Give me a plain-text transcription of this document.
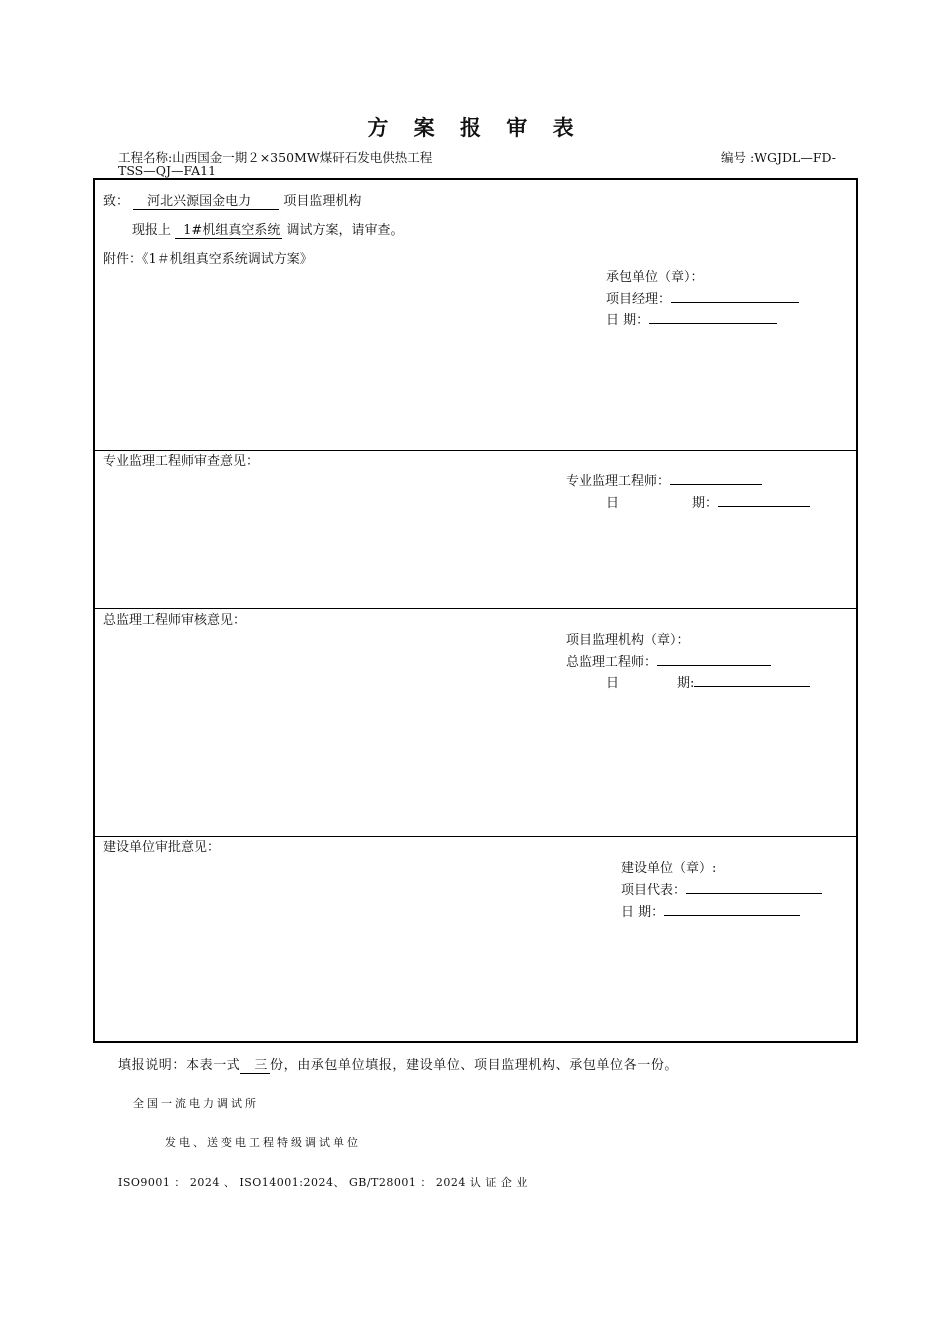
方 案 报 审 表
工程名称:山西国金一期２×350MW煤矸石发电供热工程	编号 :WGJDL—FD-
TSS—QJ—FA11
致： 河北兴源国金电力 项目监理机构
现报上 1#机组真空系统 调试方案，请审查。
附件：《1＃机组真空系统调试方案》
承包单位（章）：
项目经理：
日 期：
专业监理工程师审查意见：
专业监理工程师：
日	期：
总监理工程师审核意见：
项目监理机构（章）：
总监理工程师：
日	期:
建设单位审批意见：
建设单位（章）:
项目代表：
日 期：
填报说明：本表一式 三 份，由承包单位填报，建设单位、项目监理机构、承包单位各一份。
全国一流电力调试所
发电、送变电工程特级调试单位
ISO9001 ： 2024 、 ISO14001:2024、 GB/T28001 ： 2024 认 证 企 业
